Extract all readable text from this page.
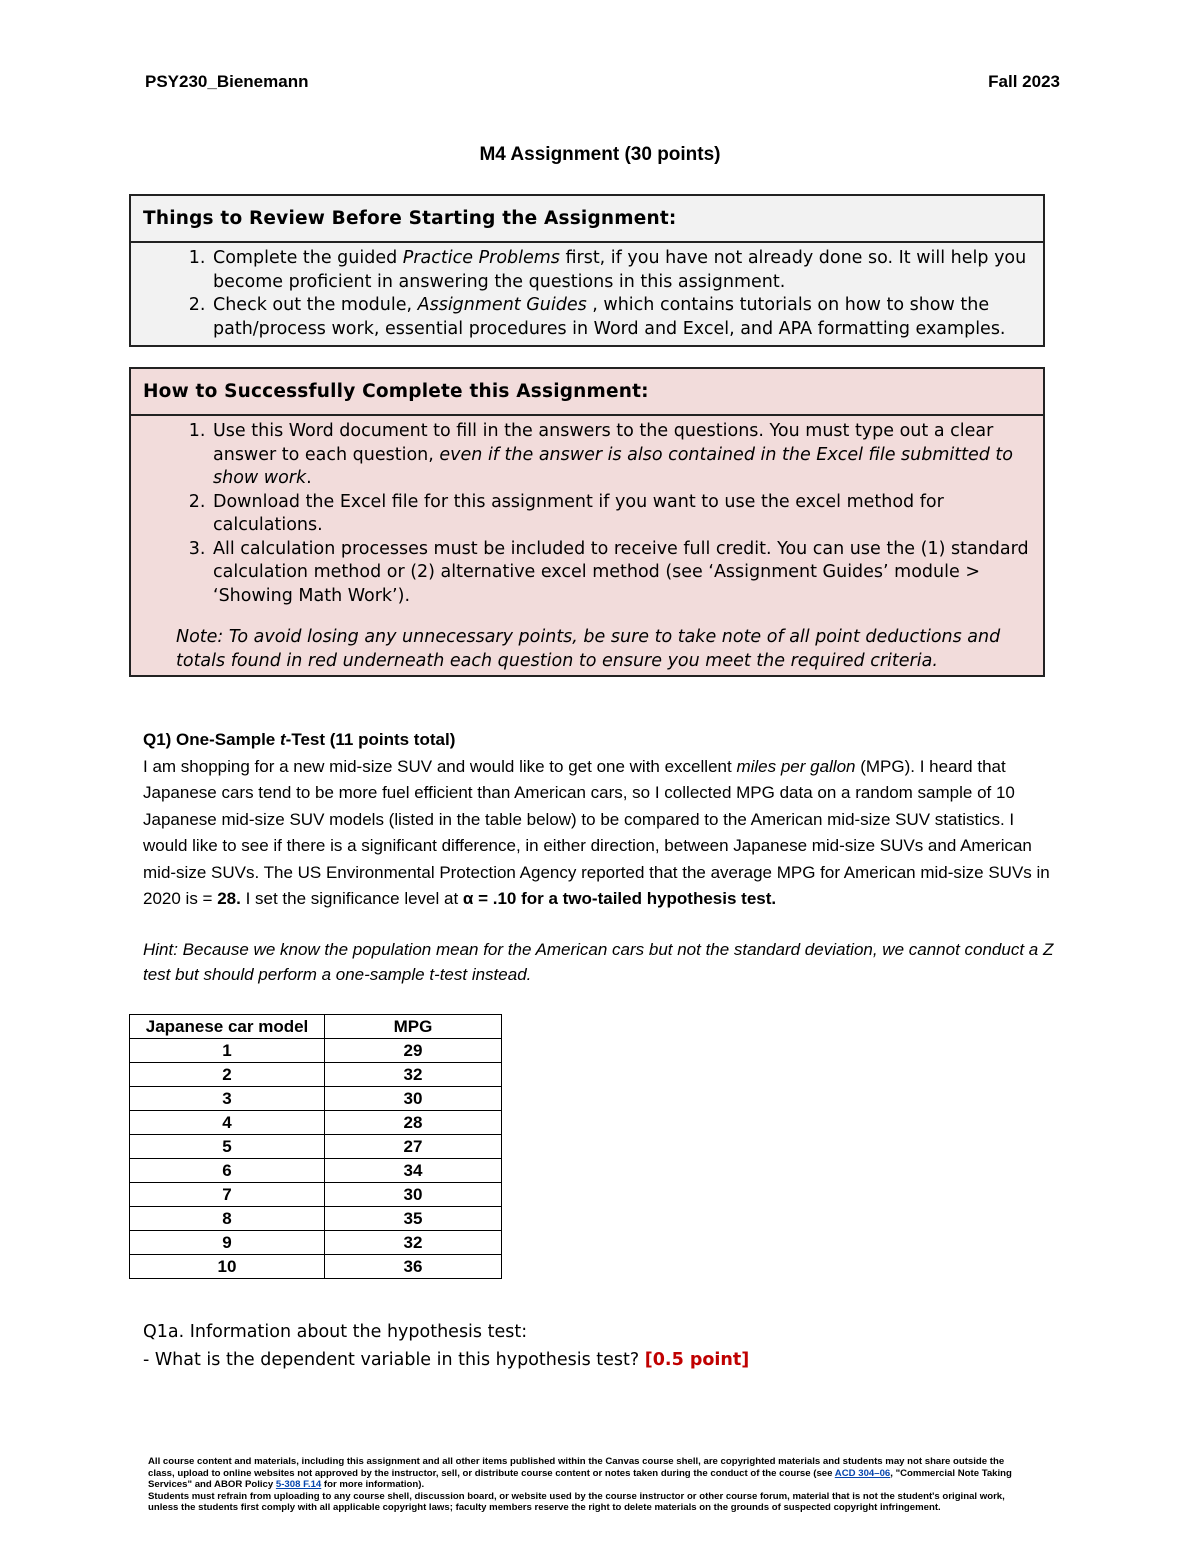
PSY230_Bienemann	Fall 2023
M4 Assignment (30 points)
Things to Review Before Starting the Assignment:
1. Complete the guided Practice Problems first, if you have not already done so. It will help you become proficient in answering the questions in this assignment.
2. Check out the module, Assignment Guides , which contains tutorials on how to show the path/process work, essential procedures in Word and Excel, and APA formatting examples.
How to Successfully Complete this Assignment:
1. Use this Word document to fill in the answers to the questions. You must type out a clear answer to each question, even if the answer is also contained in the Excel file submitted to show work.
2. Download the Excel file for this assignment if you want to use the excel method for calculations.
3. All calculation processes must be included to receive full credit. You can use the (1) standard calculation method or (2) alternative excel method (see ‘Assignment Guides’ module > ‘Showing Math Work’).
Note: To avoid losing any unnecessary points, be sure to take note of all point deductions and totals found in red underneath each question to ensure you meet the required criteria.
Q1) One-Sample t-Test (11 points total)
I am shopping for a new mid-size SUV and would like to get one with excellent miles per gallon (MPG). I heard that Japanese cars tend to be more fuel efficient than American cars, so I collected MPG data on a random sample of 10 Japanese mid-size SUV models (listed in the table below) to be compared to the American mid-size SUV statistics. I would like to see if there is a significant difference, in either direction, between Japanese mid-size SUVs and American mid-size SUVs. The US Environmental Protection Agency reported that the average MPG for American mid-size SUVs in 2020 is = 28. I set the significance level at α = .10 for a two-tailed hypothesis test.
Hint: Because we know the population mean for the American cars but not the standard deviation, we cannot conduct a Z test but should perform a one-sample t-test instead.
Japanese car model	MPG
1	29
2	32
3	30
4	28
5	27
6	34
7	30
8	35
9	32
10	36
Q1a. Information about the hypothesis test:
- What is the dependent variable in this hypothesis test? [0.5 point]
All course content and materials, including this assignment and all other items published within the Canvas course shell, are copyrighted materials and students may not share outside the class, upload to online websites not approved by the instructor, sell, or distribute course content or notes taken during the conduct of the course (see ACD 304–06, "Commercial Note Taking Services" and ABOR Policy 5-308 F.14 for more information).
Students must refrain from uploading to any course shell, discussion board, or website used by the course instructor or other course forum, material that is not the student's original work, unless the students first comply with all applicable copyright laws; faculty members reserve the right to delete materials on the grounds of suspected copyright infringement.
